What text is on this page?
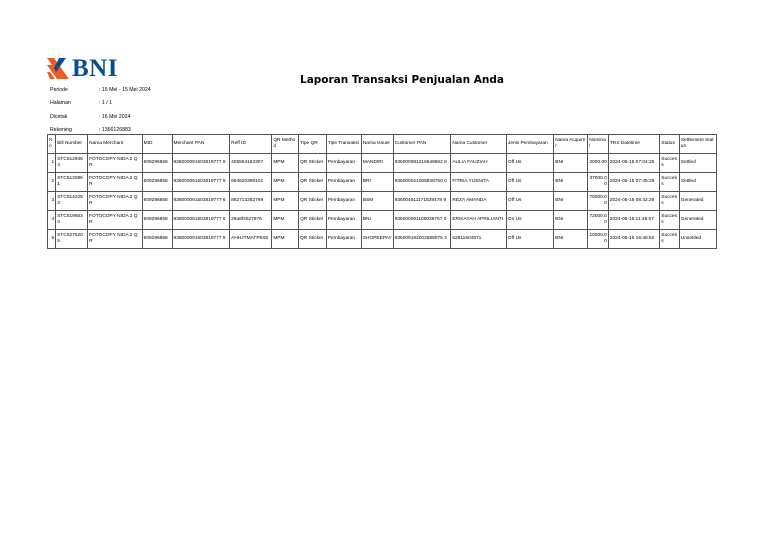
BNI	Laporan Transaksi Penjualan Anda
Periode	: 15 Mei - 15 Mei 2024
Halaman	: 1 / 1
Dicetak	: 16 Mei 2024
Rekening	: 1366126883
No	Bill Number	Nama Merchant	MID	Merchant PAN	Reff ID	QR Method	Tipe QR	Tipe Transaksi	Nama Issuer	Customer PAN	Nama Customer	Jenis Pembayaran	Nama Acquirer	Nominal	TRX Datetime	Status	Settlement Status
1	STC512946 4	FOTOCOPY NIDA 2 QR	609296858	936000091503819777 6	405554183307	MPM	QR Sticker	Pembayaran	MANDIRI	936000081216648662 8	AULIA FAUZIAH	Off Us	BNI	2000.00	2024-05-15 07:04:25	Success	Settled
2	STC513086 1	FOTOCOPY NIDA 2 QR	609296858	936000091503819777 6	684620398102	MPM	QR Sticker	Pembayaran	BRI	936000021005848750 0	FITRIA YUSNITA	Off Us	BNI	37000.00	2024-05-15 07:45:29	Success	Settled
3	STC514225 3	FOTOCOPY NIDA 2 QR	609296858	936000091503819777 6	882713282769	MPM	QR Sticker	Pembayaran	BSM	936004511171829478 9	REZA AMANDA	Off Us	BNI	76000.00	2024-05-15 08:42:26	Success	Generated
4	STC519663 3	FOTOCOPY NIDA 2 QR	609296858	936000091503819777 6	29a8f4027976	MPM	QR Sticker	Pembayaran	BNI	936000091100036757 0	ERIKAYAH APRILIANTI	On Us	BNI	72000.00	2024-05-15 11:48:07	Success	Generated
5	STC527520 5	FOTOCOPY NIDA 2 QR	609296858	936000091503819777 6	AHHJTMATP6S5	MPM	QR Sticker	Pembayaran	SHOPEEPAY	936009182002688075 3	62811504571	Off Us	BNI	10000.00	2024-05-15 16:48:52	Success	Unsettled
